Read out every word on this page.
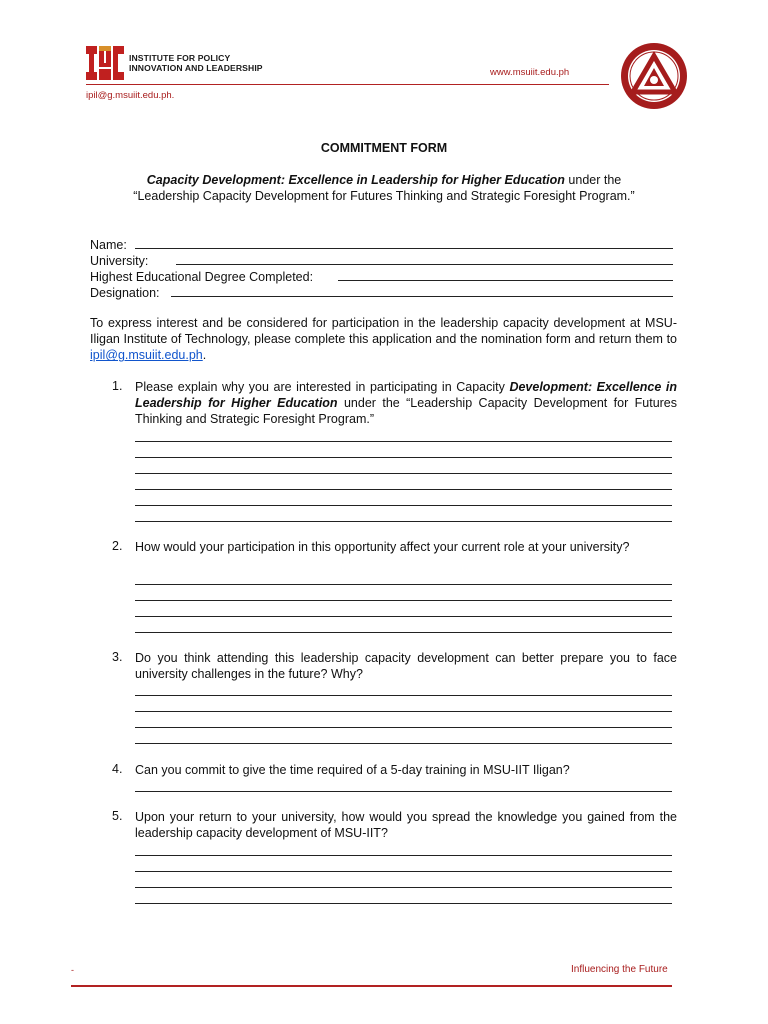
INSTITUTE FOR POLICY
INNOVATION AND LEADERSHIP	www.msuiit.edu.ph
ipil@g.msuiit.edu.ph.
COMMITMENT FORM
Capacity Development: Excellence in Leadership for Higher Education under the
“Leadership Capacity Development for Futures Thinking and Strategic Foresight Program.”
Name:
University:
Highest Educational Degree Completed:
Designation:
To express interest and be considered for participation in the leadership capacity development at MSU-Iligan Institute of Technology, please complete this application and the nomination form and return them to ipil@g.msuiit.edu.ph.
1. Please explain why you are interested in participating in Capacity Development: Excellence in Leadership for Higher Education under the “Leadership Capacity Development for Futures Thinking and Strategic Foresight Program.”
2. How would your participation in this opportunity affect your current role at your university?
3. Do you think attending this leadership capacity development can better prepare you to face university challenges in the future? Why?
4. Can you commit to give the time required of a 5-day training in MSU-IIT Iligan?
5. Upon your return to your university, how would you spread the knowledge you gained from the leadership capacity development of MSU-IIT?
-	Influencing the Future
